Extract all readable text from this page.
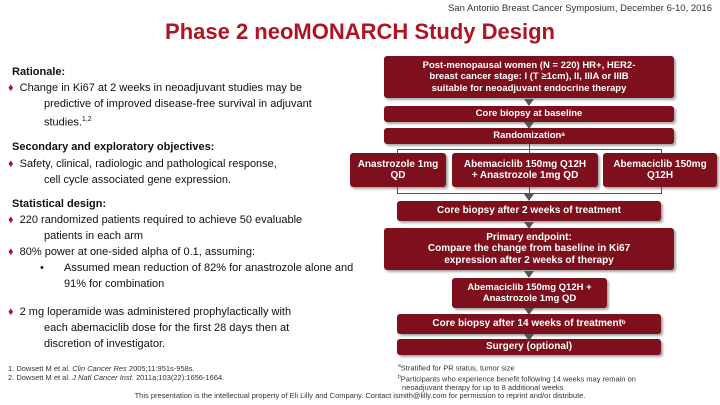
San Antonio Breast Cancer Symposium, December 6-10, 2016
Phase 2 neoMONARCH Study Design
Rationale:
♦ Change in Ki67 at 2 weeks in neoadjuvant studies may be
predictive of improved disease-free survival in adjuvant
studies.$^{1,2}$
Secondary and exploratory objectives:
♦ Safety, clinical, radiologic and pathological response,
cell cycle associated gene expression.
Statistical design:
♦ 220 randomized patients required to achieve 50 evaluable
patients in each arm
♦ 80% power at one-sided alpha of 0.1, assuming:
• Assumed mean reduction of 82% for anastrozole alone and
91% for combination
♦ 2 mg loperamide was administered prophylactically with
each abemaciclib dose for the first 28 days then at
discretion of investigator.
1. Dowsett M et al. Clin Cancer Res 2005;11:951s-958s.
2. Dowsett M et al. J Natl Cancer Inst. 2011a;103(22):1656-1664.
Post-menopausal women (N = 220) HR+, HER2-
breast cancer stage: I (T ≥1cm), II, IIIA or IIIB
suitable for neoadjuvant endocrine therapy
Core biopsy at baseline
Randomization a
Anastrozole 1mg
QD
Abemaciclib 150mg Q12H
+ Anastrozole 1mg QD
Abemaciclib 150mg
Q12H
Core biopsy after 2 weeks of treatment
Primary endpoint:
Compare the change from baseline in Ki67
expression after 2 weeks of therapy
Abemaciclib 150mg Q12H +
Anastrozole 1mg QD
Core biopsy after 14 weeks of treatment b
Surgery (optional)
$^a$Stratified for PR status, tumor size
$^b$Participants who experience benefit following 14 weeks may remain on
neoadjuvant therapy for up to 8 additional weeks
This presentation is the intellectual property of Eli Lilly and Company. Contact ismith@lilly.com for permission to reprint and/or distribute.
